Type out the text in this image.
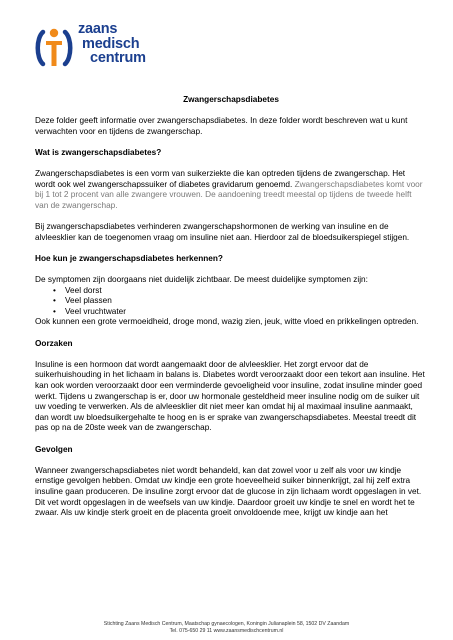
zaans
medisch
centrum

Zwangerschapsdiabetes

Deze folder geeft informatie over zwangerschapsdiabetes. In deze folder wordt beschreven wat u kunt verwachten voor en tijdens de zwangerschap.

Wat is zwangerschapsdiabetes?

Zwangerschapsdiabetes is een vorm van suikerziekte die kan optreden tijdens de zwangerschap. Het wordt ook wel zwangerschapssuiker of diabetes gravidarum genoemd. Zwangerschapsdiabetes komt voor bij 1 tot 2 procent van alle zwangere vrouwen. De aandoening treedt meestal op tijdens de tweede helft van de zwangerschap.

Bij zwangerschapsdiabetes verhinderen zwangerschapshormonen de werking van insuline en de alvleesklier kan de toegenomen vraag om insuline niet aan. Hierdoor zal de bloedsuikerspiegel stijgen.

Hoe kun je zwangerschapsdiabetes herkennen?

De symptomen zijn doorgaans niet duidelijk zichtbaar. De meest duidelijke symptomen zijn:

• Veel dorst
• Veel plassen
• Veel vruchtwater

Ook kunnen een grote vermoeidheid, droge mond, wazig zien, jeuk, witte vloed en prikkelingen optreden.

Oorzaken

Insuline is een hormoon dat wordt aangemaakt door de alvleesklier. Het zorgt ervoor dat de suikerhuishouding in het lichaam in balans is. Diabetes wordt veroorzaakt door een tekort aan insuline. Het kan ook worden veroorzaakt door een verminderde gevoeligheid voor insuline, zodat insuline minder goed werkt. Tijdens u zwangerschap is er, door uw hormonale gesteldheid meer insuline nodig om de suiker uit uw voeding te verwerken. Als de alvleesklier dit niet meer kan omdat hij al maximaal insuline aanmaakt, dan wordt uw bloedsuikergehalte te hoog en is er sprake van zwangerschapsdiabetes. Meestal treedt dit pas op na de 20ste week van de zwangerschap.

Gevolgen

Wanneer zwangerschapsdiabetes niet wordt behandeld, kan dat zowel voor u zelf als voor uw kindje ernstige gevolgen hebben. Omdat uw kindje een grote hoeveelheid suiker binnenkrijgt, zal hij zelf extra insuline gaan produceren. De insuline zorgt ervoor dat de glucose in zijn lichaam wordt opgeslagen in vet. Dit vet wordt opgeslagen in de weefsels van uw kindje. Daardoor groeit uw kindje te snel en wordt het te zwaar. Als uw kindje sterk groeit en de placenta groeit onvoldoende mee, krijgt uw kindje aan het

Stichting Zaans Medisch Centrum, Maatschap gynaecologen, Koningin Julianaplein 58, 1502 DV Zaandam
Tel. 075-650 29 11 www.zaansmedischcentrum.nl
